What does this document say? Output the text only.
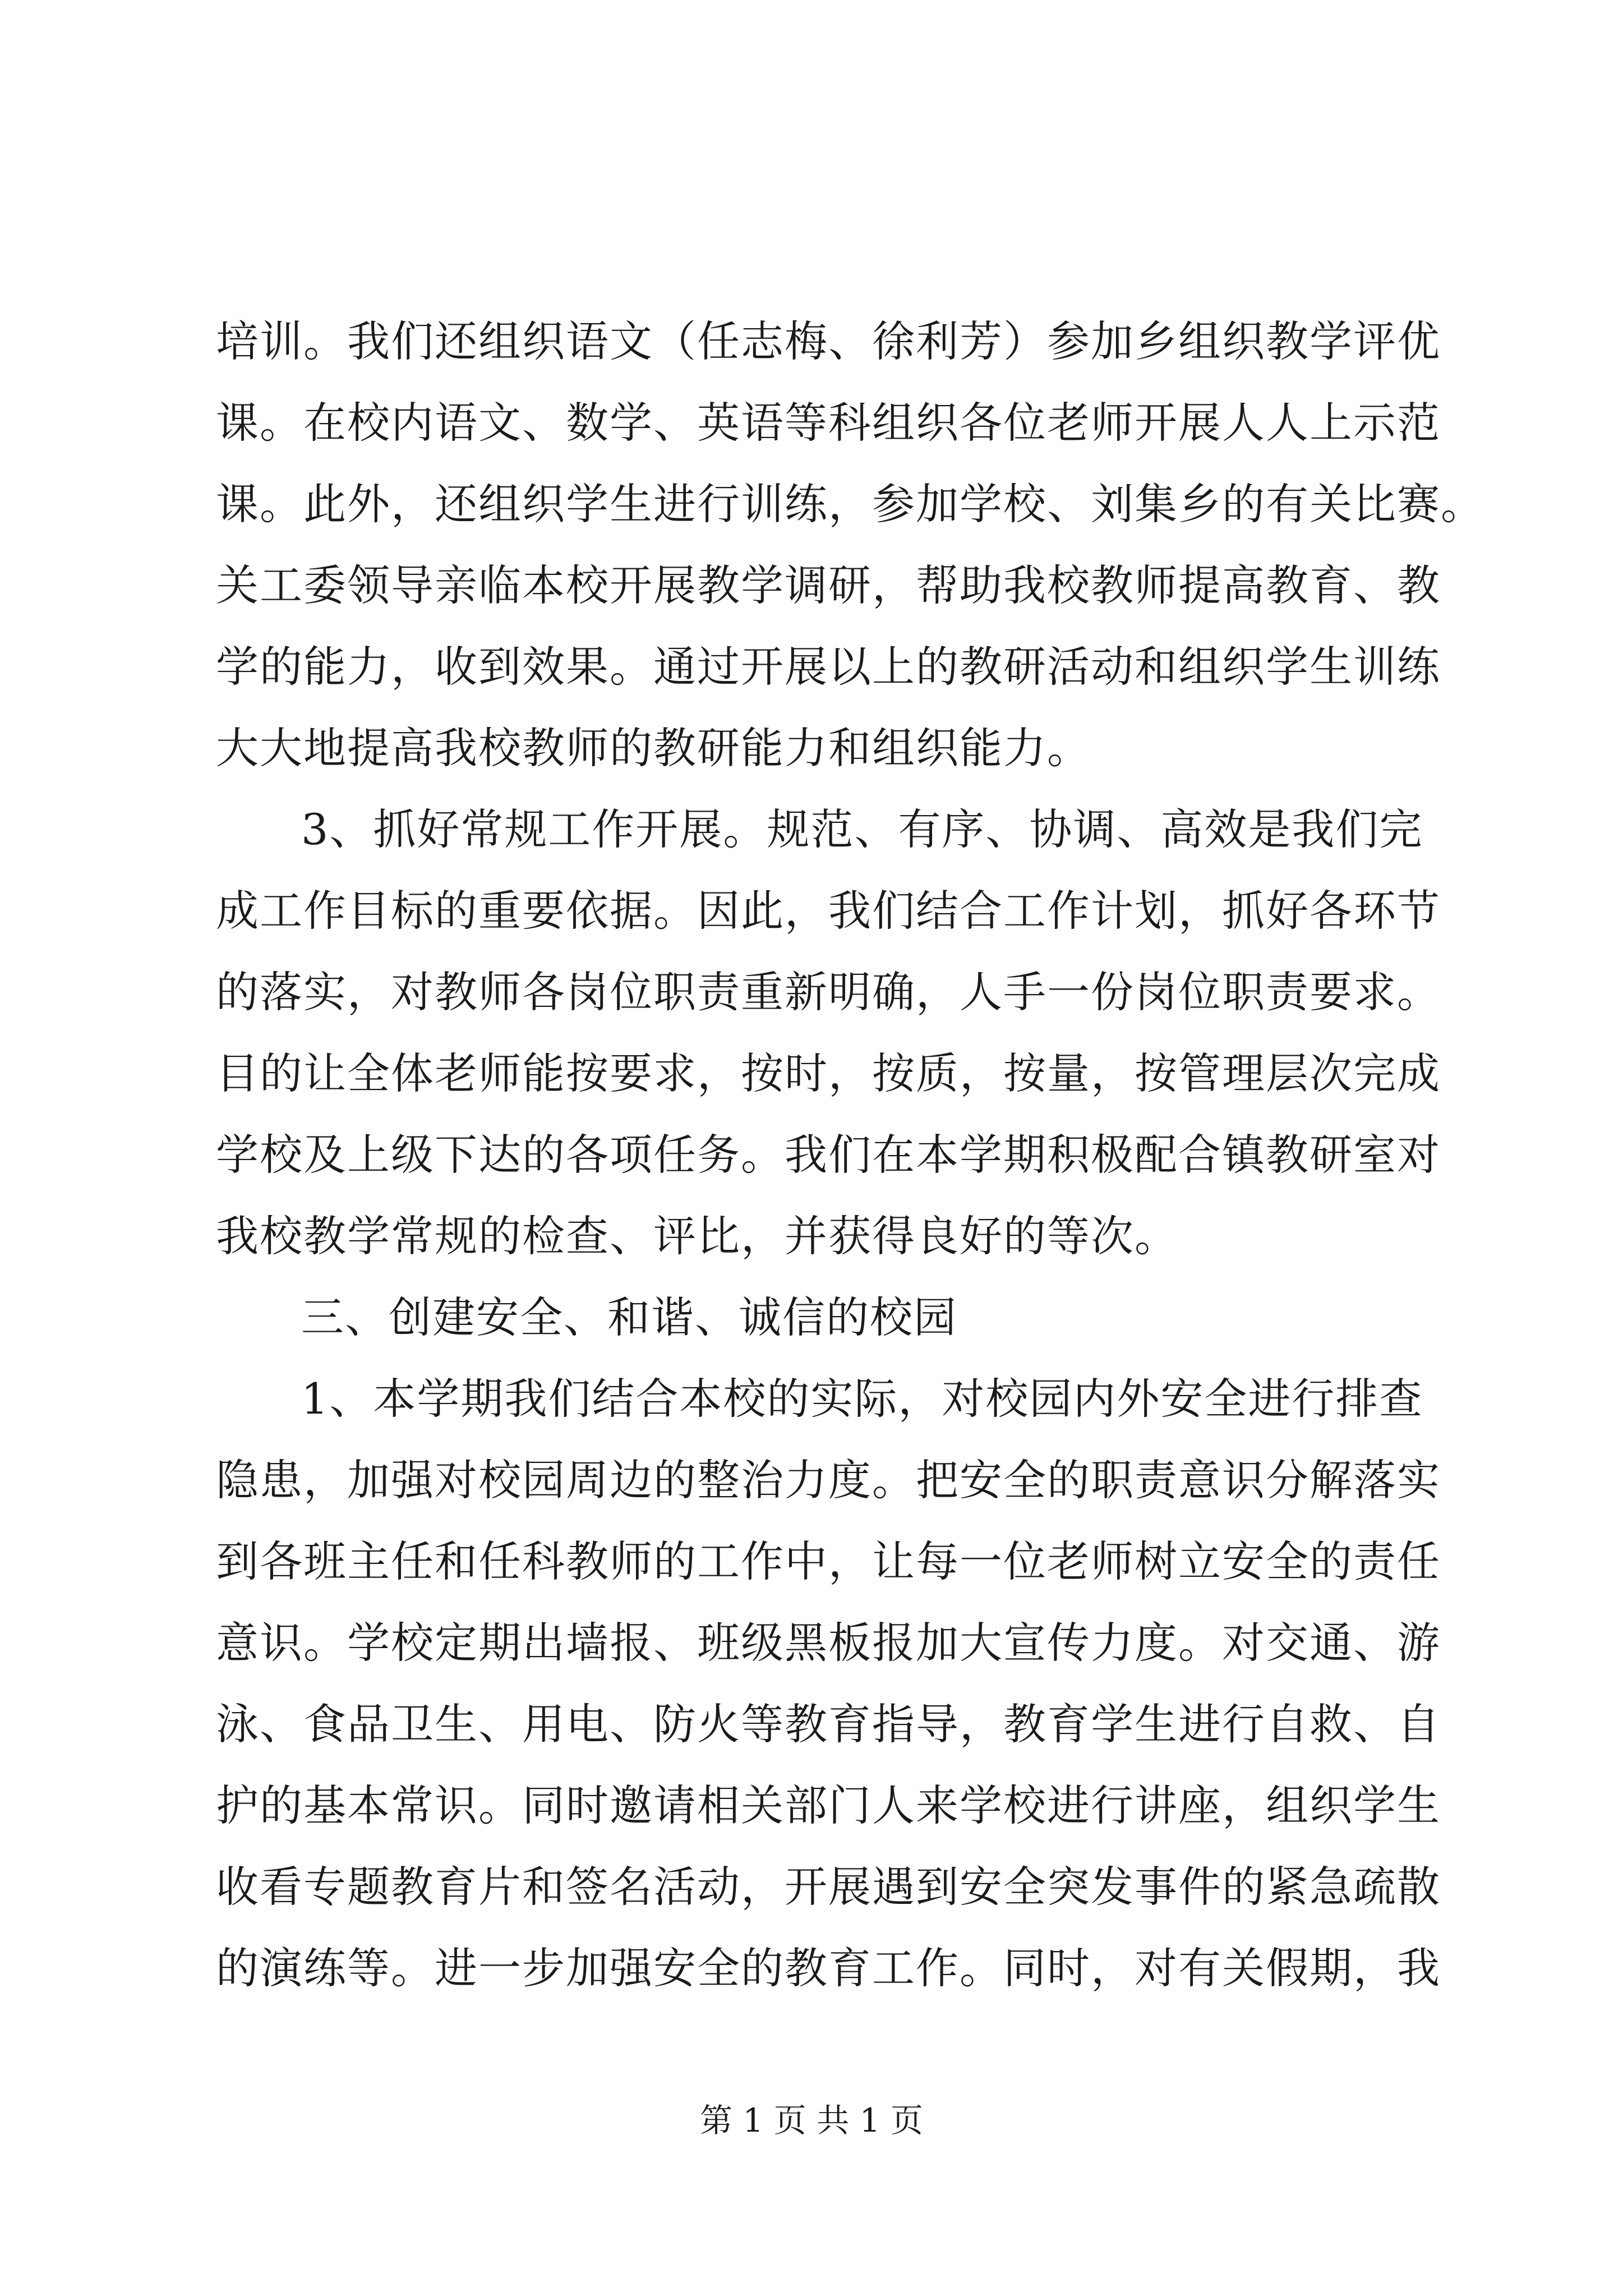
培训。我们还组织语文（任志梅、徐利芳）参加乡组织教学评优
课。在校内语文、数学、英语等科组织各位老师开展人人上示范
课。此外，还组织学生进行训练，参加学校、刘集乡的有关比赛。
关工委领导亲临本校开展教学调研，帮助我校教师提高教育、教
学的能力，收到效果。通过开展以上的教研活动和组织学生训练
大大地提高我校教师的教研能力和组织能力。
3、抓好常规工作开展。规范、有序、协调、高效是我们完
成工作目标的重要依据。因此，我们结合工作计划，抓好各环节
的落实，对教师各岗位职责重新明确，人手一份岗位职责要求。
目的让全体老师能按要求，按时，按质，按量，按管理层次完成
学校及上级下达的各项任务。我们在本学期积极配合镇教研室对
我校教学常规的检查、评比，并获得良好的等次。
三、创建安全、和谐、诚信的校园
1、本学期我们结合本校的实际，对校园内外安全进行排查
隐患，加强对校园周边的整治力度。把安全的职责意识分解落实
到各班主任和任科教师的工作中，让每一位老师树立安全的责任
意识。学校定期出墙报、班级黑板报加大宣传力度。对交通、游
泳、食品卫生、用电、防火等教育指导，教育学生进行自救、自
护的基本常识。同时邀请相关部门人来学校进行讲座，组织学生
收看专题教育片和签名活动，开展遇到安全突发事件的紧急疏散
的演练等。进一步加强安全的教育工作。同时，对有关假期，我
第 1 页 共 1 页
